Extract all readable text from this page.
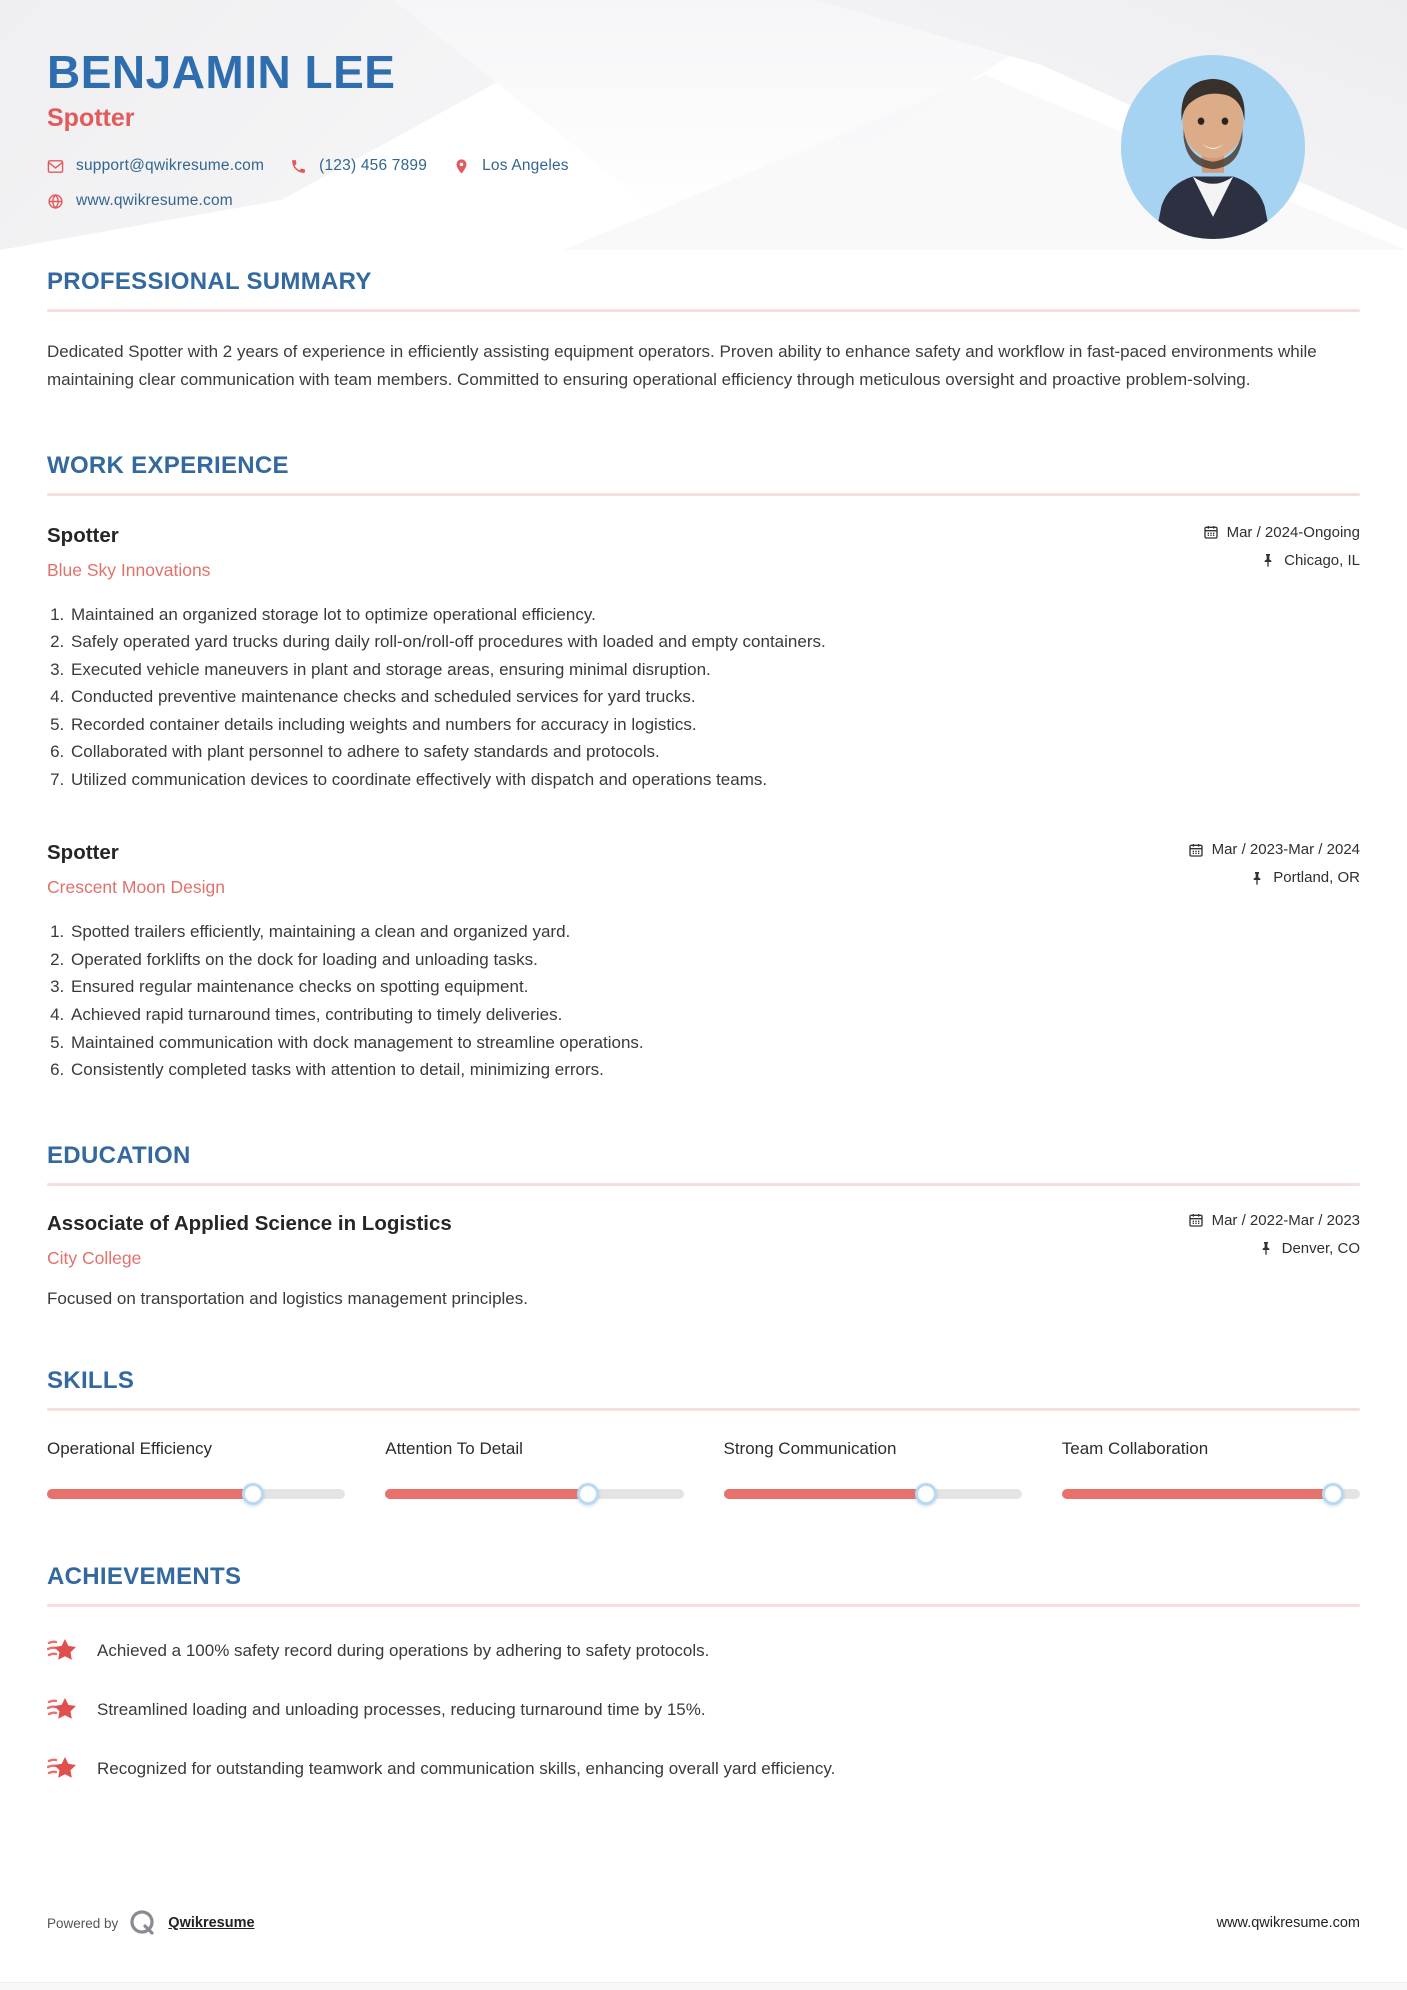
BENJAMIN LEE
Spotter
support@qwikresume.com	(123) 456 7899	Los Angeles
www.qwikresume.com
PROFESSIONAL SUMMARY

Dedicated Spotter with 2 years of experience in efficiently assisting equipment operators. Proven ability to enhance safety and workflow in fast-paced environments while maintaining clear communication with team members. Committed to ensuring operational efficiency through meticulous oversight and proactive problem-solving.

WORK EXPERIENCE
Spotter
Blue Sky Innovations
Mar / 2024-Ongoing
Chicago, IL
1. Maintained an organized storage lot to optimize operational efficiency.
2. Safely operated yard trucks during daily roll-on/roll-off procedures with loaded and empty containers.
3. Executed vehicle maneuvers in plant and storage areas, ensuring minimal disruption.
4. Conducted preventive maintenance checks and scheduled services for yard trucks.
5. Recorded container details including weights and numbers for accuracy in logistics.
6. Collaborated with plant personnel to adhere to safety standards and protocols.
7. Utilized communication devices to coordinate effectively with dispatch and operations teams.
Spotter
Crescent Moon Design
Mar / 2023-Mar / 2024
Portland, OR
1. Spotted trailers efficiently, maintaining a clean and organized yard.
2. Operated forklifts on the dock for loading and unloading tasks.
3. Ensured regular maintenance checks on spotting equipment.
4. Achieved rapid turnaround times, contributing to timely deliveries.
5. Maintained communication with dock management to streamline operations.
6. Consistently completed tasks with attention to detail, minimizing errors.
EDUCATION
Associate of Applied Science in Logistics
City College
Mar / 2022-Mar / 2023
Denver, CO

Focused on transportation and logistics management principles.

SKILLS
Operational Efficiency	Attention To Detail	Strong Communication	Team Collaboration
ACHIEVEMENTS
Achieved a 100% safety record during operations by adhering to safety protocols.
Streamlined loading and unloading processes, reducing turnaround time by 15%.
Recognized for outstanding teamwork and communication skills, enhancing overall yard efficiency.
Powered by	Qwikresume	www.qwikresume.com
